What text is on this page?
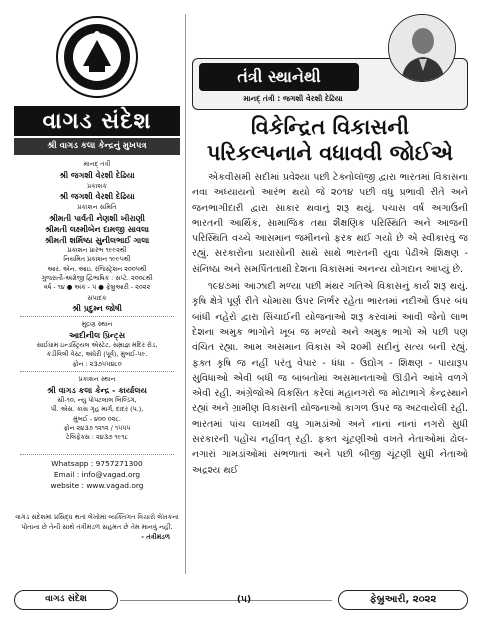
વાગડ સંદેશ
શ્રી વાગડ કલા કેન્દ્રનું મુખપત્ર
માનદ્ તંત્રી
શ્રી જગશી વેરશી દેઢિયા
પ્રકાશક
શ્રી જગશી વેરશી દેઢિયા
પ્રકાશન સમિતિ
શ્રીમતી પાર્વતી નેણશી ખીરાણી
શ્રીમતી લક્ષ્મીબેન દામજી સાવલા
શ્રીમતી શર્મિષ્ઠા સુનીલભાઈ ગાલા
પ્રકાશન પ્રારંભ ૧૯૯૨થી
નિયમિત પ્રકાશન ૧૯૯૫થી
આર. એન. આઇ. રજિસ્ટ્રેશન ૨૦૦૫થી
ગુજરાતી-અંગ્રેજી દ્વિભાષિક : સપ્ટે. ૨૦૦૮થી
વર્ષ - ૧૪ ● અંક - ૫ ● ફેબ્રુઆરી - ૨૦૨૨
સંપાદક
શ્રી પ્રદુમ્ન જોષી
મુદ્રણ સ્થાન
આદીનીલ પ્રિન્ટ્સ
સાઈધામ ઇન્ડસ્ટ્રિયલ એસ્ટેટ, સમ્રાજ્ઞ મંદિર રોડ,
કંડીવિલી વેસ્ટ, અંધેરી (પૂર્વ), મુંબઈ-૫૯.
ફોન : ૨૩૭૫૫૪૮૦
પ્રકાશન સ્થાન
શ્રી વાગડ કલા કેન્દ્ર - કાર્યાલય
સી-૧૦, ન્યુ પોપટલાલ બિલ્ડિંગ,
પી. એસ. કાસ ગૃહ માર્ગ, દાદર (પ.),
મુંબઈ - ૪૦૦ ૦૨૮.
ફોન ૨૪૩૭ ૧૨૧૨ / ૧૫૫૫
ટેલિફેક્સ : ૨૪૩૭ ૧૯૧૮
Whatsapp : 9757271300
Email : info@vagad.org
website : www.vagad.org
વાગડ સંદેશમાં પ્રસિદ્ધ થતાં લેખોમાં વ્યક્તિગત વિચારો લેખકના પોતાના છે તેની સાથે તંત્રીમંડળ સહમત છે તેમ માનવું નહીં.
- તંત્રીમંડળ
તંત્રી સ્થાનેથી
માનદ્ તંત્રી : જગશી વેરશી દેઢિયા
વિકેન્દ્રિત વિકાસની
પરિકલ્પનાને વધાવવી જોઈએ

એકવીસમી સદીમાં પ્રવેશ્યા પછી ટેક્નોલૉજી દ્વારા ભારતમાં વિકાસના નવા અધ્યાયનો આરંભ થયો જે ૨૦૧૪ પછી વધુ પ્રભાવી રીતે અને જનભાગીદારી દ્વારા સાકાર થવાનું શરૂ થયું. પચાસ વર્ષ અગાઉની ભારતની આર્થિક, સામાજિક તથા શૈક્ષણિક પરિસ્થિતિ અને આજની પરિસ્થિતિ વચ્ચે આસમાન જમીનનો ફરક થઈ ગયો છે એ સ્વીકારવું જ રહ્યું. સરકારોના પ્રયાસોની સાથે સાથે ભારતની યુવા પેઢીએ શિક્ષણ - સંનિષ્ઠા અને સમર્પિતતાથી દેશના વિકાસમાં અનન્ય યોગદાન આપ્યું છે.

૧૯૪૭માં આઝાદી મળ્યા પછી મંથર ગતિએ વિકાસનું કાર્ય શરૂ થયું. કૃષિ ક્ષેત્રે પૂર્ણ રીતે ચોમાસા ઉપર નિર્ભર રહેતા ભારતમાં નદીઓ ઉપર બંધ બાંધી નહેરો દ્વારા સિંચાઈની યોજનાઓ શરૂ કરવામાં આવી જેનો લાભ દેશના અમુક ભાગોને ખૂબ જ મળ્યો અને અમુક ભાગો એ પછી પણ વંચિત રહ્યા. આમ અસમાન વિકાસ એ ૨૦મી સદીનું સત્ય બની રહ્યું. ફક્ત કૃષિ જ નહીં પરંતુ વેપાર - ધંધા - ઉદ્યોગ - શિક્ષણ - પાયારૂપ સુવિધાઓ એવી બધી જ બાબતોમાં અસમાનતાઓ ઊડીને આંખે વળગે એવી રહી. અંગ્રેજોએ વિકસિત કરેલાં મહાનગરો જ મોટાભાગે કેન્દ્રસ્થાને રહ્યાં અને ગ્રામીણ વિકાસની યોજનાઓ કાગળ ઉપર જ અટવાયેલી રહી. ભારતમાં પાંચ લાખથી વધુ ગામડાંઓ અને નાનાં નાનાં નગરો સુધી સરકારની પહોંચ નહીંવત્ રહી. ફક્ત ચૂંટણીઓ વખતે નેતાઓમાં ઢોલ-નગારાં ગામડાંઓમાં સંભળાતાં અને પછી બીજી ચૂંટણી સુધી નેતાઓ અદ્રશ્ય થઈ

વાગડ સંદેશ	(૫)	ફેબ્રુઆરી, ૨૦૨૨
